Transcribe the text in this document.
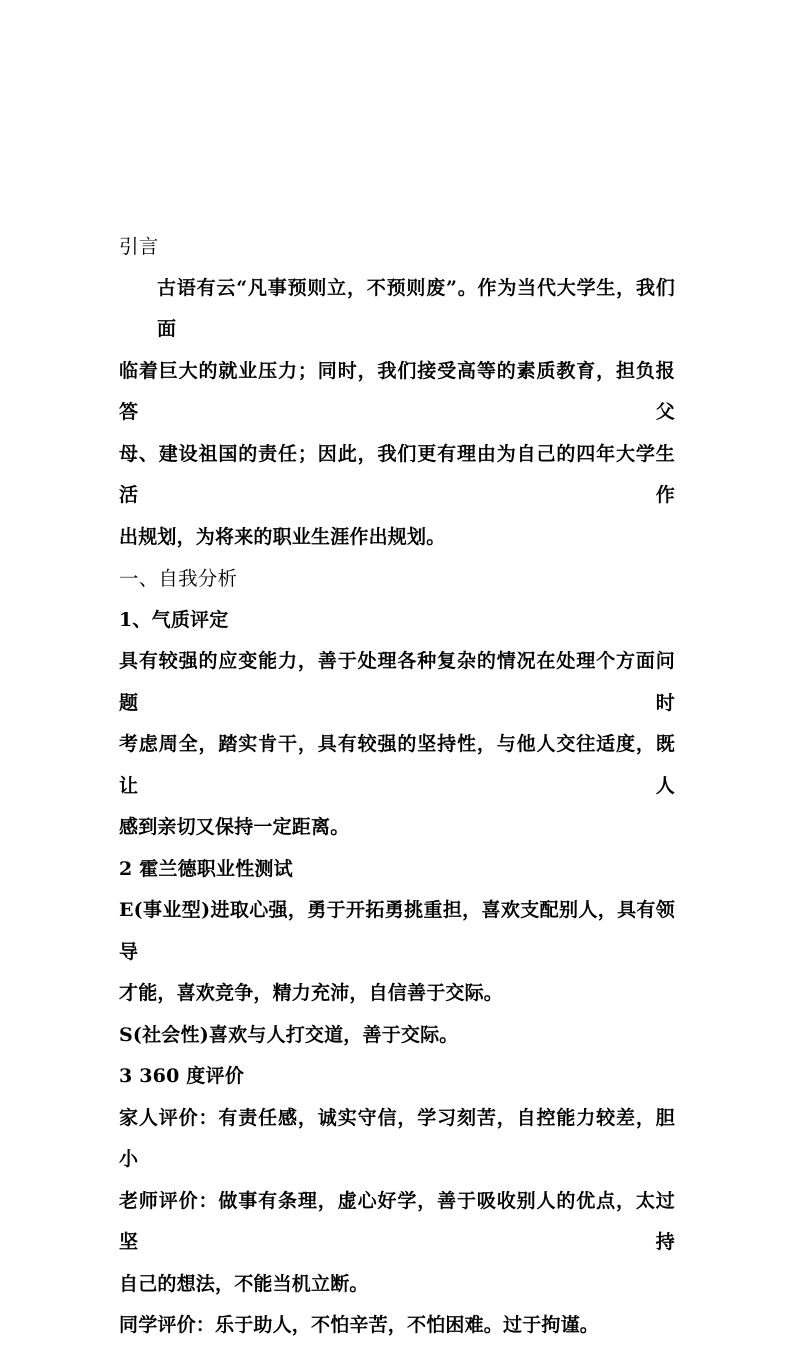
引言
古语有云“凡事预则立，不预则废”。作为当代大学生，我们面
临着巨大的就业压力；同时，我们接受高等的素质教育，担负报答父
母、建设祖国的责任；因此，我们更有理由为自己的四年大学生活作
出规划，为将来的职业生涯作出规划。
一、自我分析
1、气质评定
具有较强的应变能力，善于处理各种复杂的情况在处理个方面问题时
考虑周全，踏实肯干，具有较强的坚持性，与他人交往适度，既让人
感到亲切又保持一定距离。
2 霍兰德职业性测试
E(事业型)进取心强，勇于开拓勇挑重担，喜欢支配别人，具有领导
才能，喜欢竞争，精力充沛，自信善于交际。
S(社会性)喜欢与人打交道，善于交际。
3 360 度评价
家人评价：有责任感，诚实守信，学习刻苦，自控能力较差，胆小
老师评价：做事有条理，虚心好学，善于吸收别人的优点，太过坚持
自己的想法，不能当机立断。
同学评价：乐于助人，不怕辛苦，不怕困难。过于拘谨。
